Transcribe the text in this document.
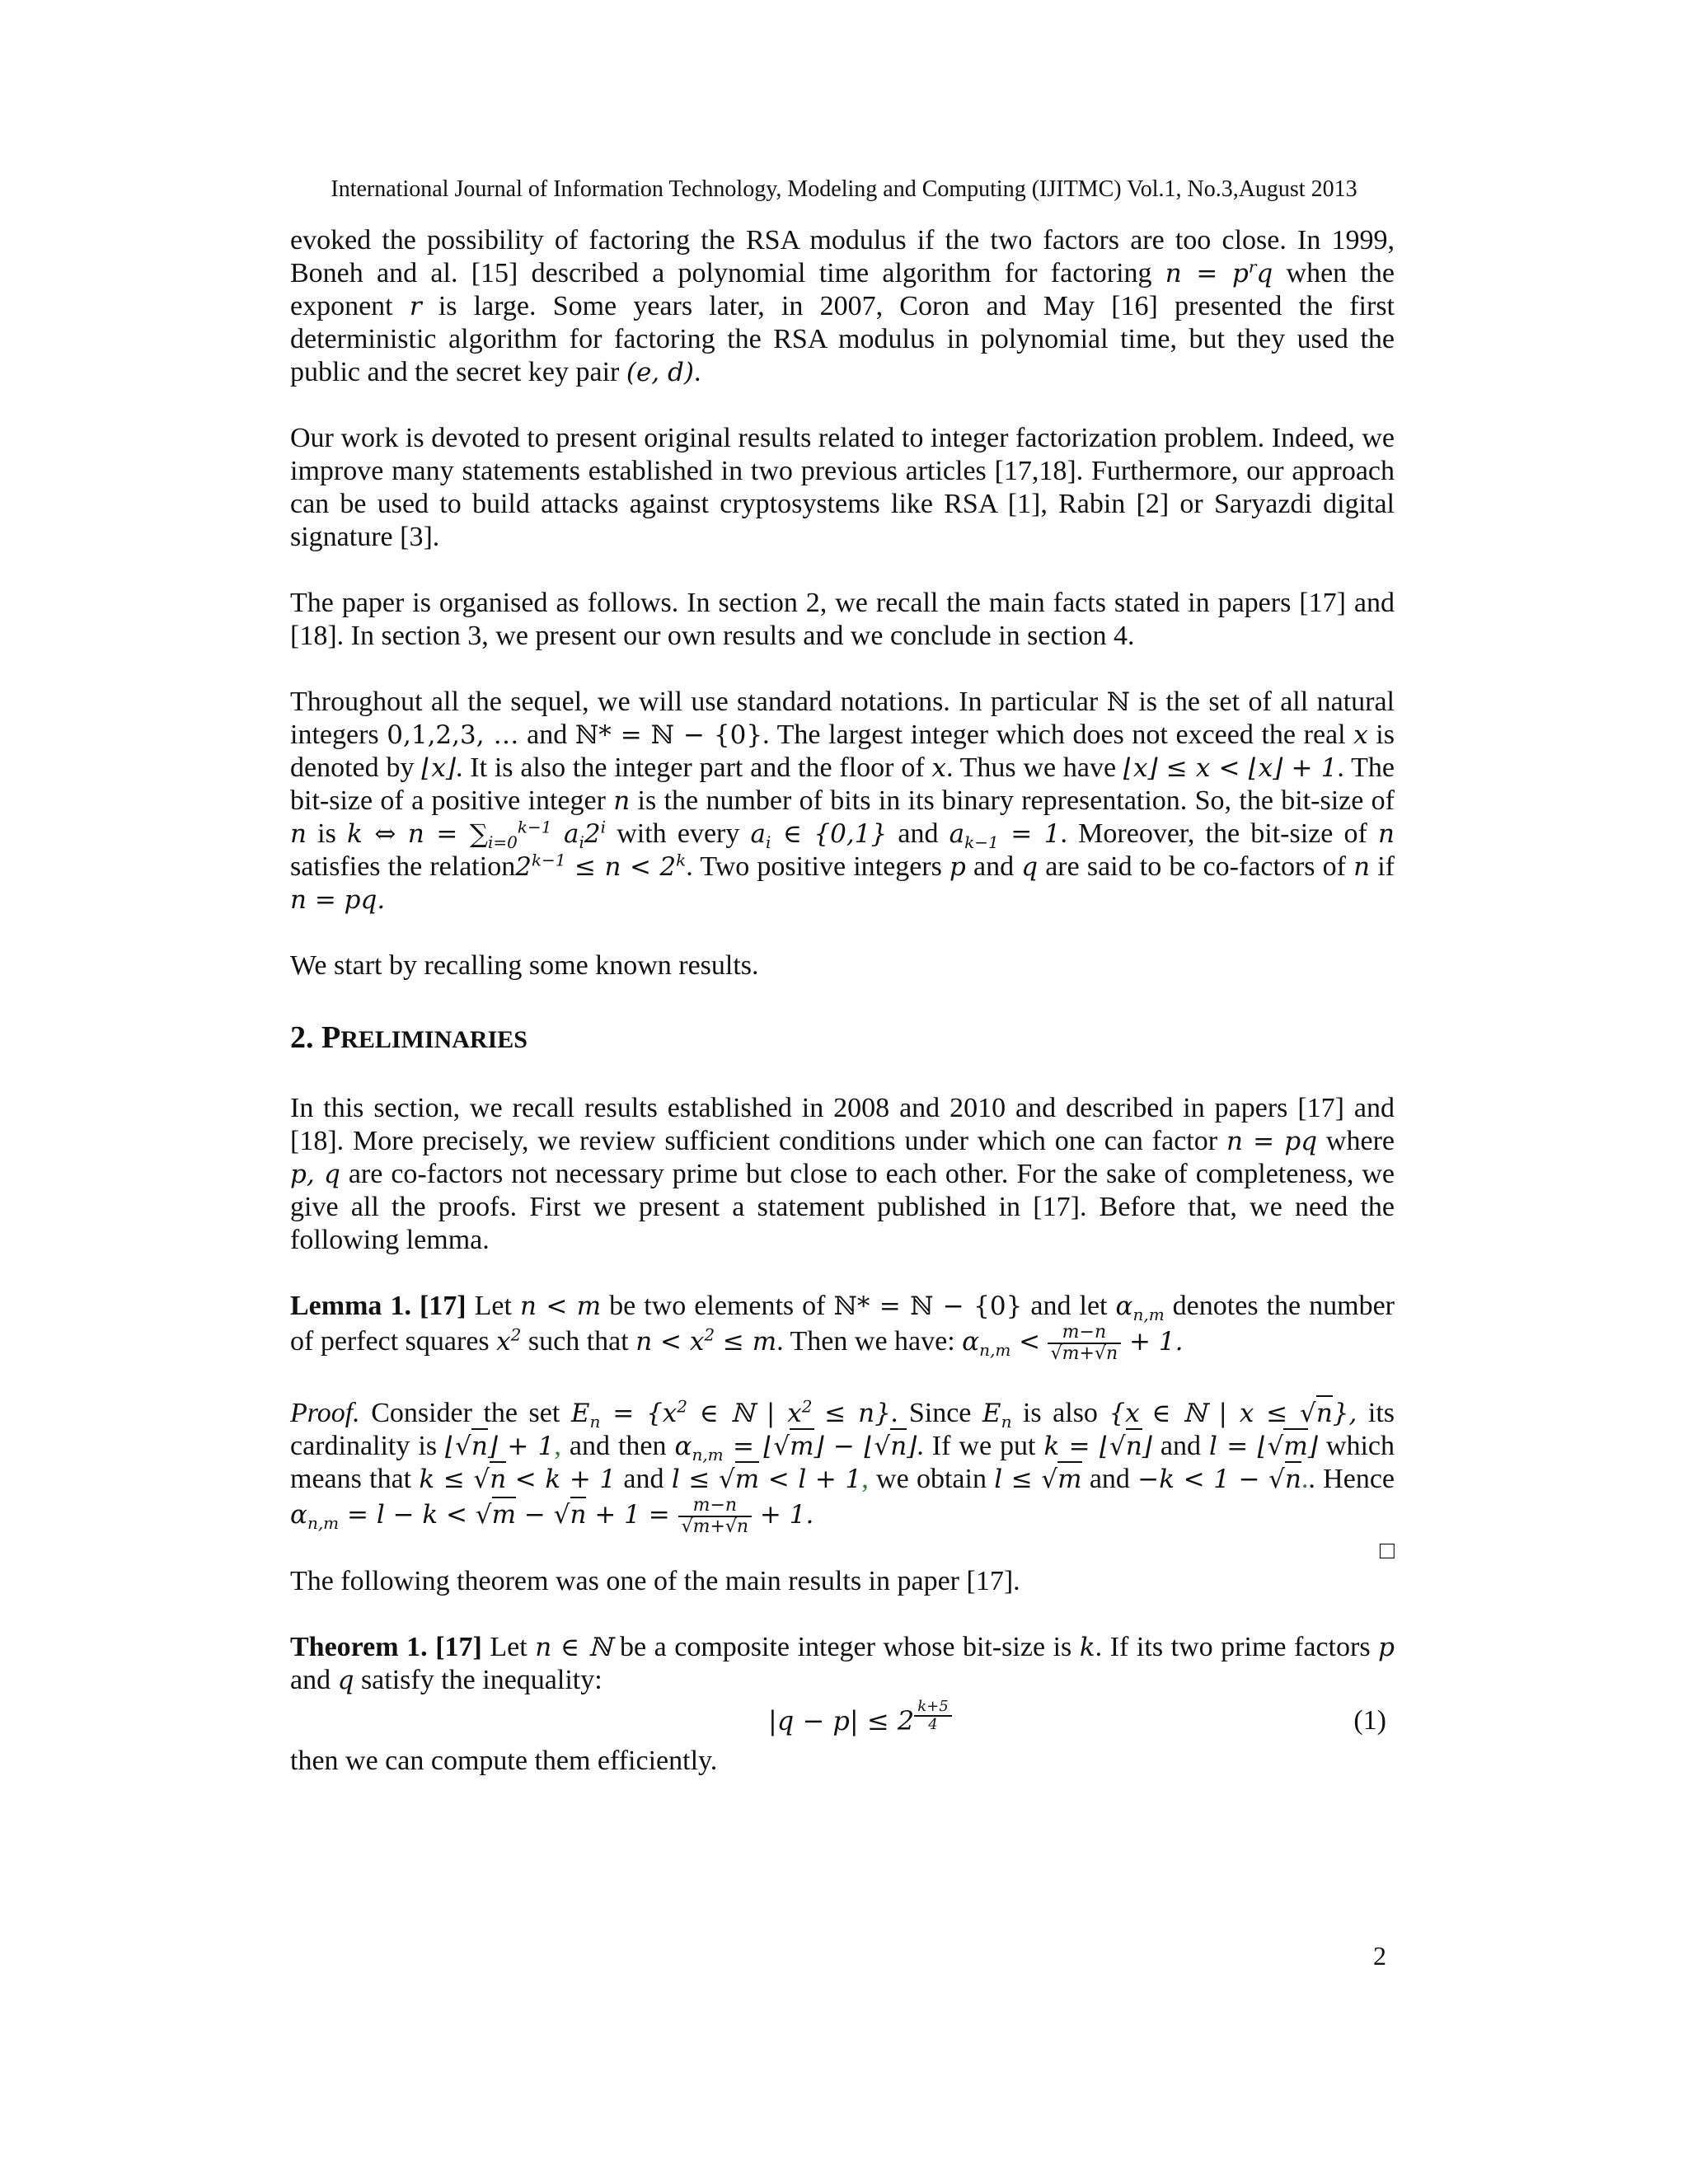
International Journal of Information Technology, Modeling and Computing (IJITMC) Vol.1, No.3,August 2013

evoked the possibility of factoring the RSA modulus if the two factors are too close. In 1999, Boneh and al. [15] described a polynomial time algorithm for factoring $n = p^rq$ when the exponent r is large. Some years later, in 2007, Coron and May [16] presented the first deterministic algorithm for factoring the RSA modulus in polynomial time, but they used the public and the secret key pair (e, d).

Our work is devoted to present original results related to integer factorization problem. Indeed, we improve many statements established in two previous articles [17,18]. Furthermore, our approach can be used to build attacks against cryptosystems like RSA [1], Rabin [2] or Saryazdi digital signature [3].

The paper is organised as follows. In section 2, we recall the main facts stated in papers [17] and [18]. In section 3, we present our own results and we conclude in section 4.

Throughout all the sequel, we will use standard notations. In particular ℕ is the set of all natural integers 0,1,2,3, … and ℕ* = ℕ − {0}. The largest integer which does not exceed the real x is denoted by ⌊x⌋. It is also the integer part and the floor of x. Thus we have ⌊x⌋ ≤ x < ⌊x⌋ + 1. The bit-size of a positive integer n is the number of bits in its binary representation. So, the bit-size of n is k ⇔ $n = \sum_{i=0}^{k-1}$ $a_i2^i$ with every $a_i$ ∈ {0,1} and $a_{k-1} = 1$. Moreover, the bit-size of n satisfies the $relation2^{k-1} \le n < 2^k$. Two positive integers p and q are said to be co-factors of n if n = pq.

We start by recalling some known results.

2. PRELIMINARIES

In this section, we recall results established in 2008 and 2010 and described in papers [17] and [18]. More precisely, we review sufficient conditions under which one can factor n = pq where p, q are co-factors not necessary prime but close to each other. For the sake of completeness, we give all the proofs. First we present a statement published in [17]. Before that, we need the following lemma.

Lemma 1. [17] Let n < m be two elements of ℕ* = ℕ − {0} and let $\alpha_{n,m}$ denotes the number of perfect squares $x^2$ such that $n < x^2 \le m$. Then we have: $\alpha_{n,m} < \frac{m-n}{√m+√n} + 1$.

Proof. Consider the set $E_n = \{x^2$ ∈ ℕ | $x^2 \le n$}. Since $E_n$ is also {x ∈ ℕ | x ≤ √n}, its cardinality is ⌊√n⌋ + 1, and then $\alpha_{n,m}$ = ⌊√m⌋ − ⌊√n⌋. If we put k = ⌊√n⌋ and l = ⌊√m⌋ which means that k ≤ √n < k + 1 and l ≤ √m < l + 1, we obtain l ≤ √m and −k < 1 − √n.. Hence $\alpha_{n,m} = l - k < √m - √n + 1 = \frac{m-n}{√m+√n} + 1$.

□

The following theorem was one of the main results in paper [17].

Theorem 1. [17] Let n ∈ ℕ be a composite integer whose bit-size is k. If its two prime factors p and q satisfy the inequality:

|q − p| ≤ 2 $^{\frac{k+5}{4}}$	(1)

then we can compute them efficiently.

2
